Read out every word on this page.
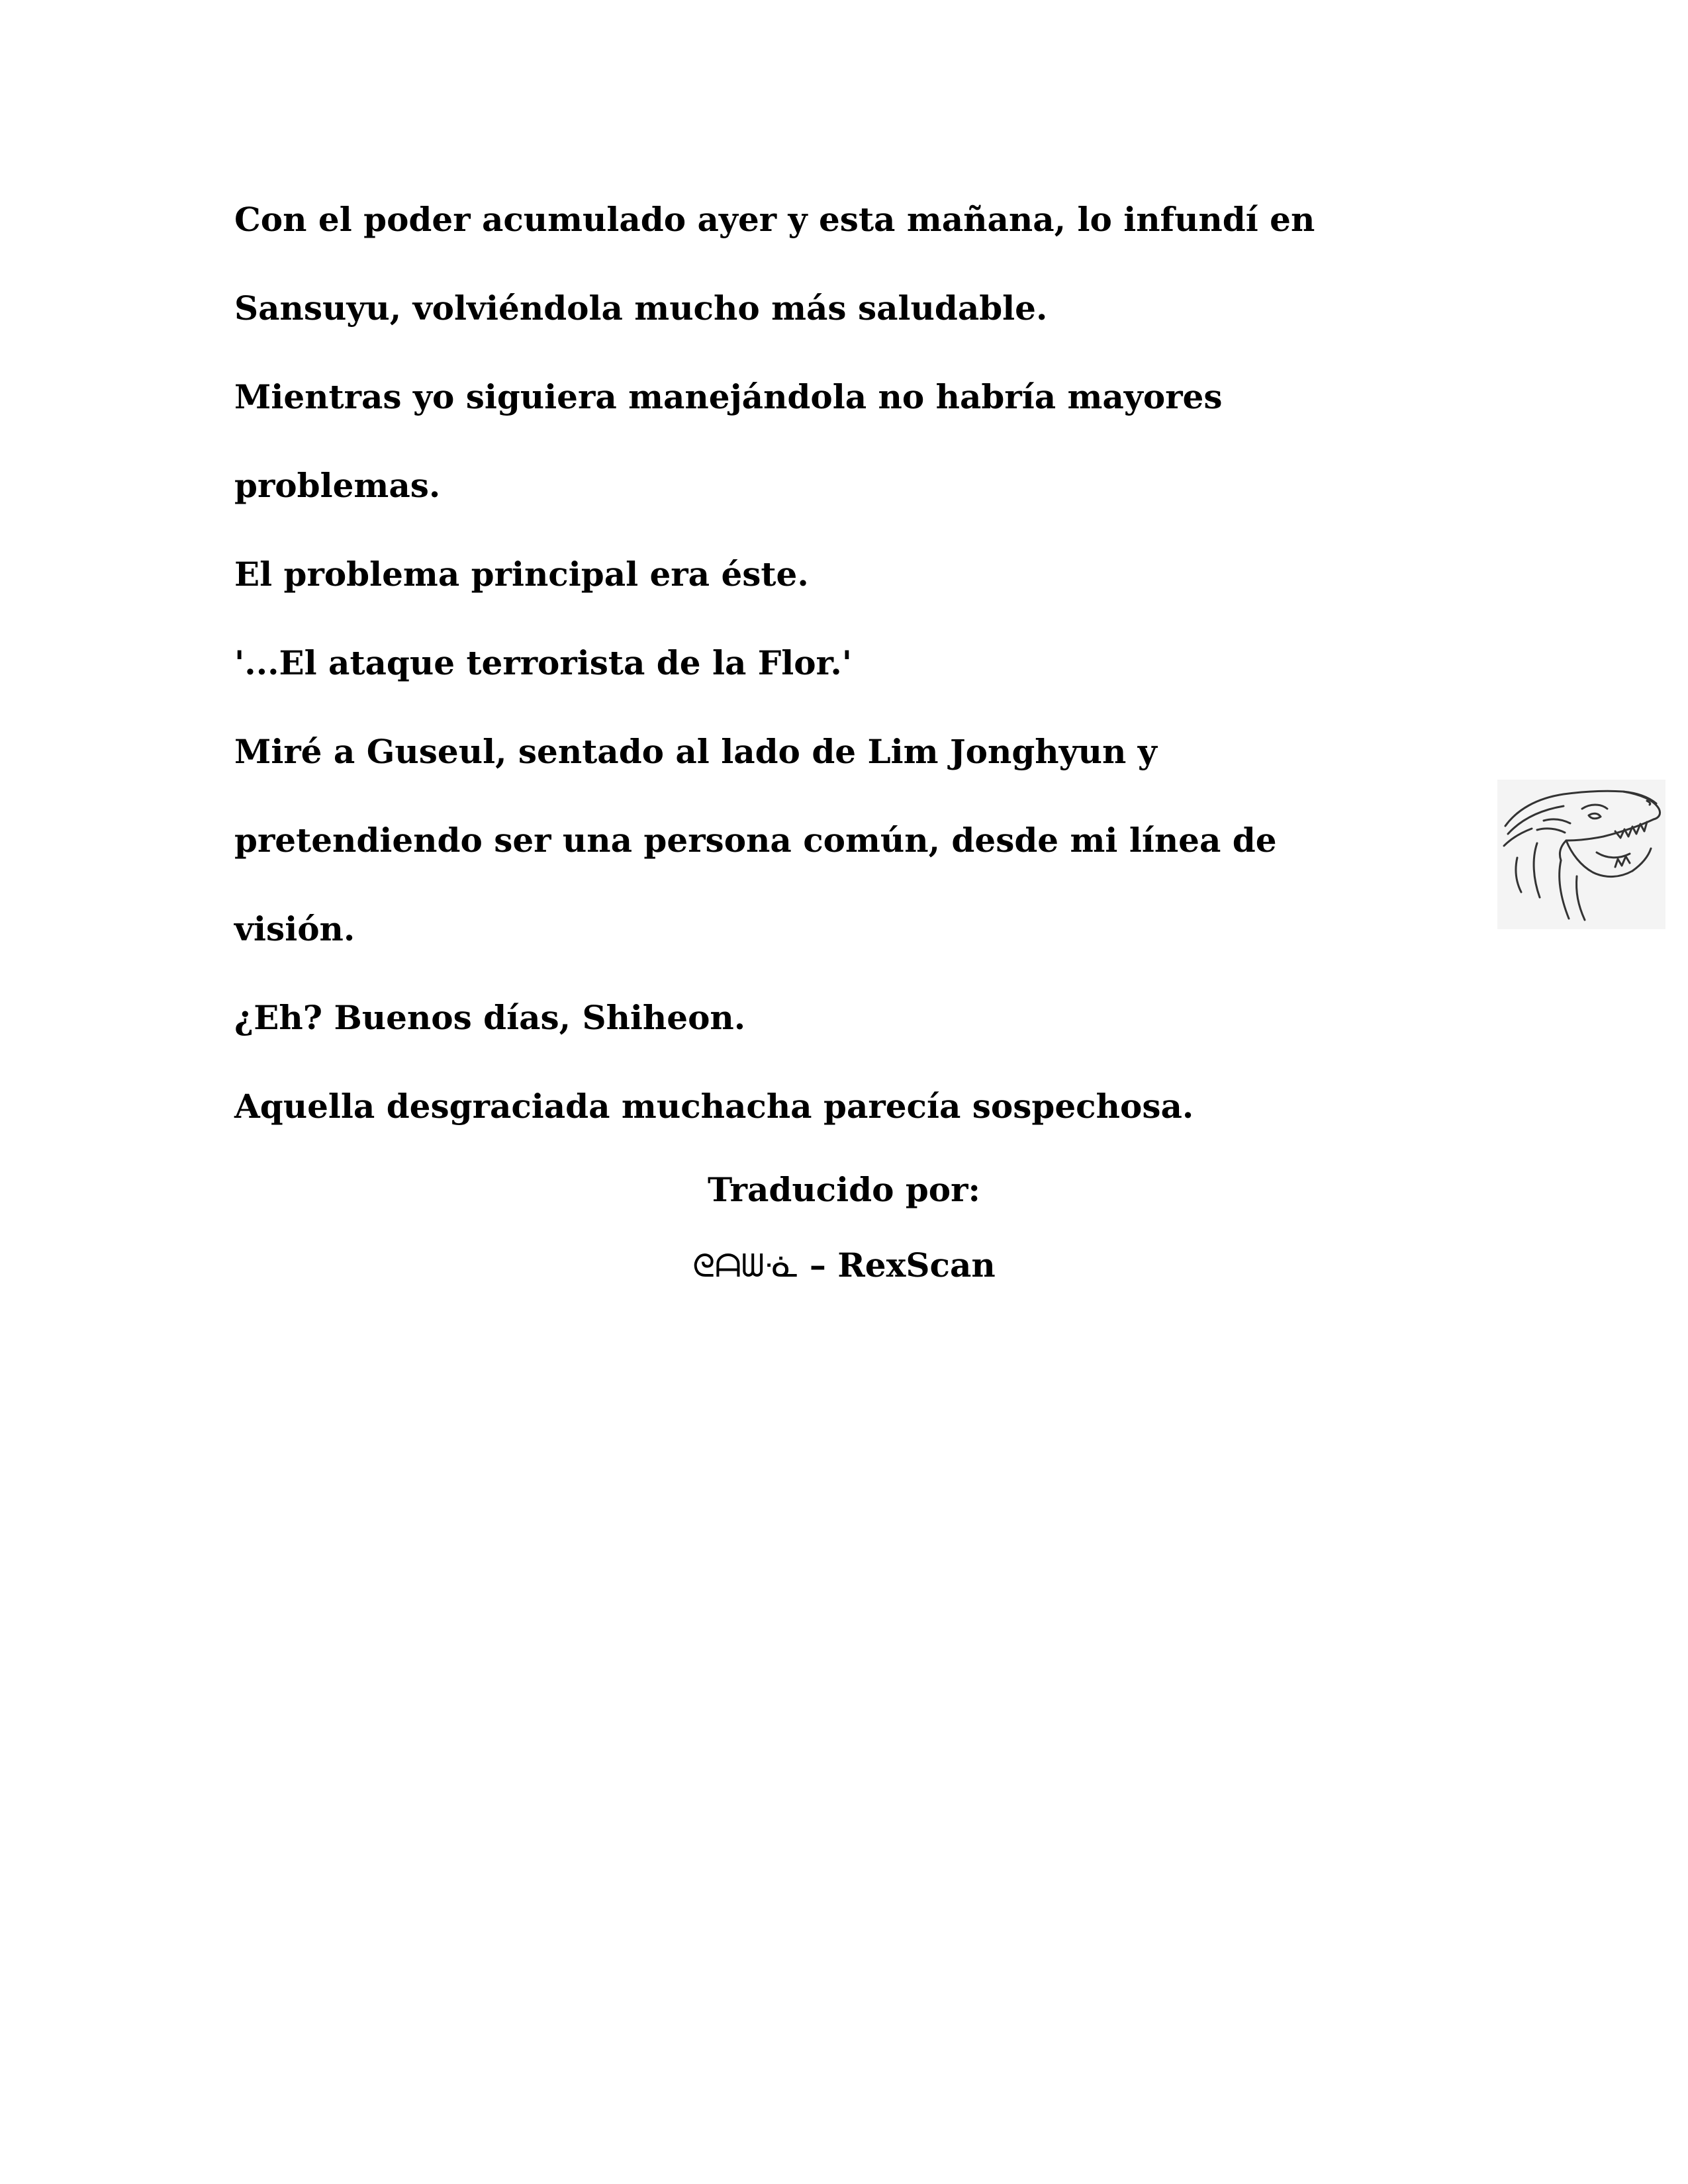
Con el poder acumulado ayer y esta mañana, lo infundí en

Sansuyu, volviéndola mucho más saludable.

Mientras yo siguiera manejándola no habría mayores

problemas.

El problema principal era éste.

'...El ataque terrorista de la Flor.'

Miré a Guseul, sentado al lado de Lim Jonghyun y

pretendiendo ser una persona común, desde mi línea de

visión.

¿Eh? Buenos días, Shiheon.

Aquella desgraciada muchacha parecía sospechosa.

Traducido por:

ᘓᗩᗯᓍ – RexScan
